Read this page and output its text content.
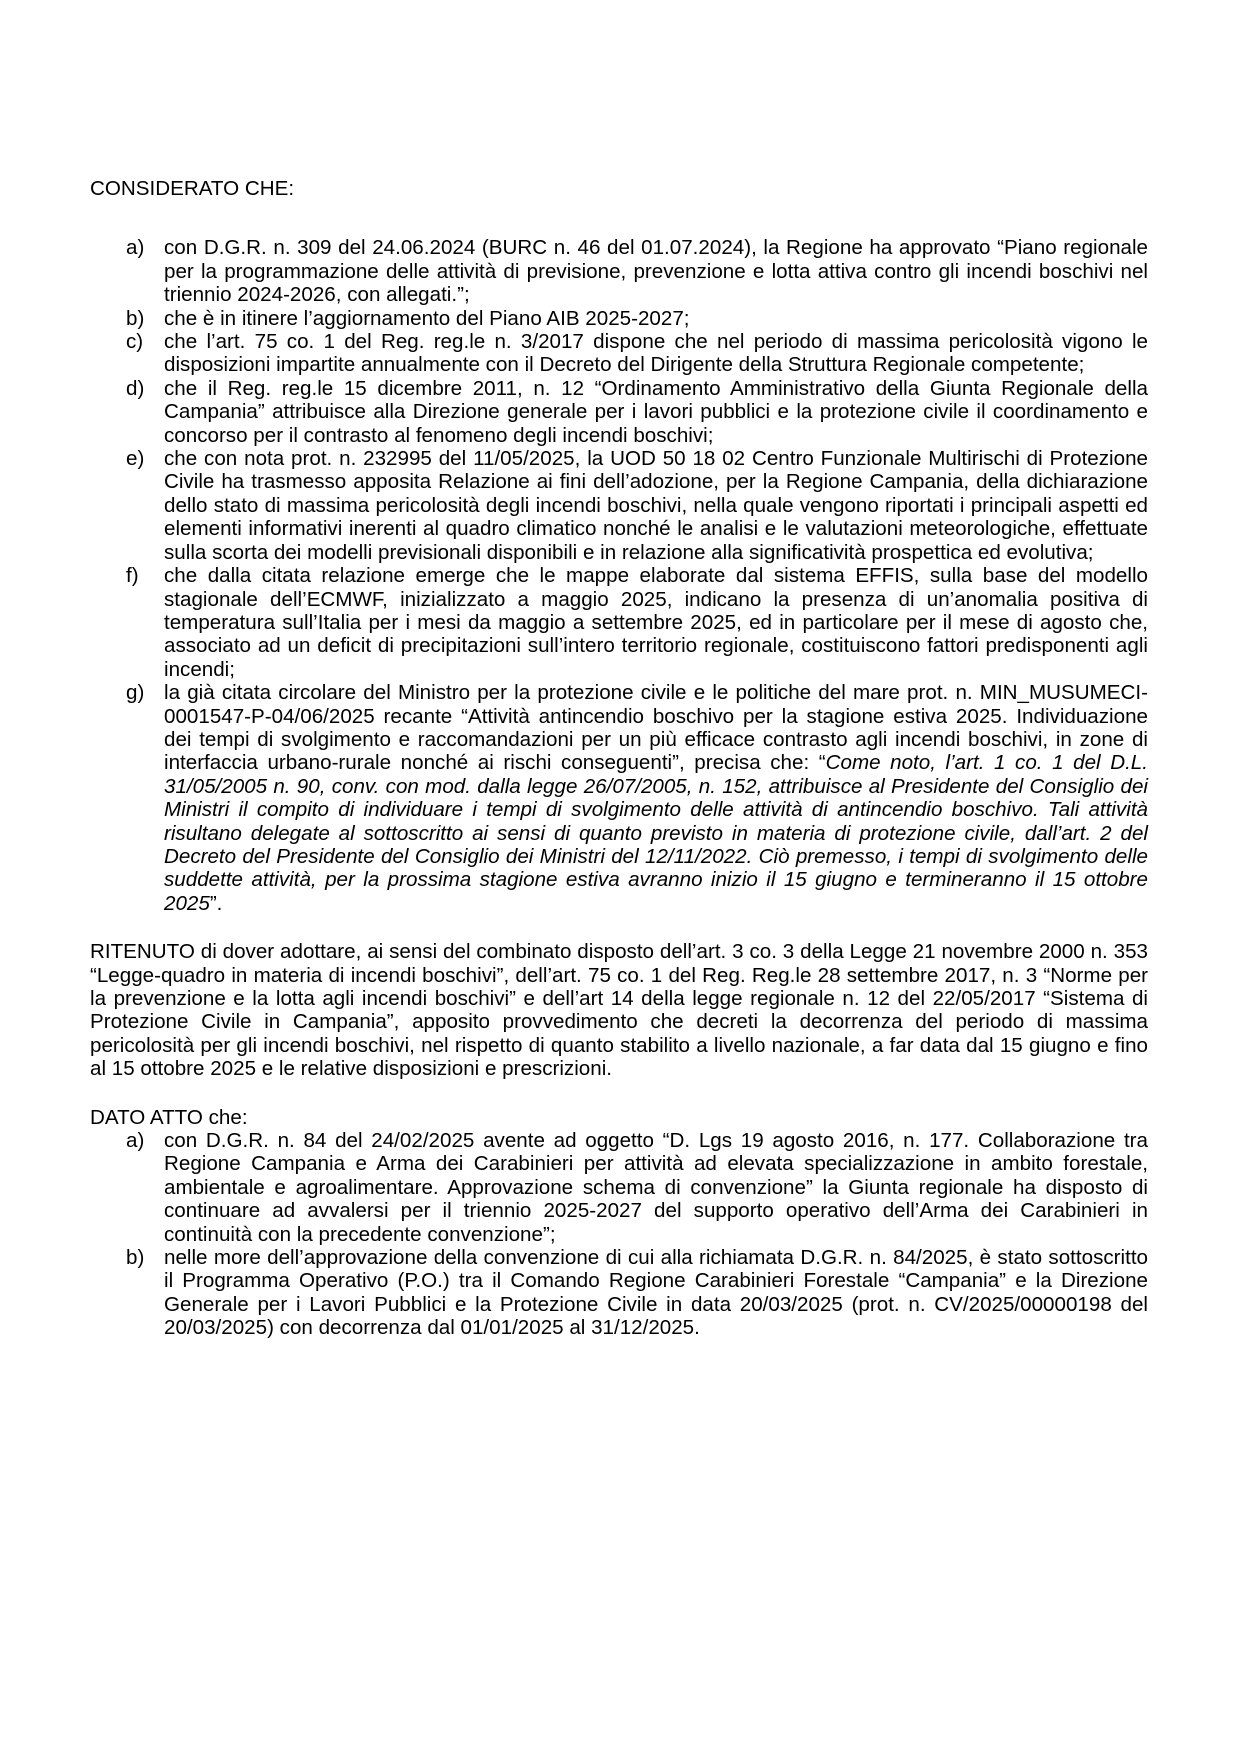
CONSIDERATO CHE:

a) con D.G.R. n. 309 del 24.06.2024 (BURC n. 46 del 01.07.2024), la Regione ha approvato “Piano regionale per la programmazione delle attività di previsione, prevenzione e lotta attiva contro gli incendi boschivi nel triennio 2024-2026, con allegati.”;
b) che è in itinere l’aggiornamento del Piano AIB 2025-2027;
c) che l’art. 75 co. 1 del Reg. reg.le n. 3/2017 dispone che nel periodo di massima pericolosità vigono le disposizioni impartite annualmente con il Decreto del Dirigente della Struttura Regionale competente;
d) che il Reg. reg.le 15 dicembre 2011, n. 12 “Ordinamento Amministrativo della Giunta Regionale della Campania” attribuisce alla Direzione generale per i lavori pubblici e la protezione civile il coordinamento e concorso per il contrasto al fenomeno degli incendi boschivi;
e) che con nota prot. n. 232995 del 11/05/2025, la UOD 50 18 02 Centro Funzionale Multirischi di Protezione Civile ha trasmesso apposita Relazione ai fini dell’adozione, per la Regione Campania, della dichiarazione dello stato di massima pericolosità degli incendi boschivi, nella quale vengono riportati i principali aspetti ed elementi informativi inerenti al quadro climatico nonché le analisi e le valutazioni meteorologiche, effettuate sulla scorta dei modelli previsionali disponibili e in relazione alla significatività prospettica ed evolutiva;
f) che dalla citata relazione emerge che le mappe elaborate dal sistema EFFIS, sulla base del modello stagionale dell’ECMWF, inizializzato a maggio 2025, indicano la presenza di un’anomalia positiva di temperatura sull’Italia per i mesi da maggio a settembre 2025, ed in particolare per il mese di agosto che, associato ad un deficit di precipitazioni sull’intero territorio regionale, costituiscono fattori predisponenti agli incendi;
g) la già citata circolare del Ministro per la protezione civile e le politiche del mare prot. n. MIN_MUSUMECI-0001547-P-04/06/2025 recante “Attività antincendio boschivo per la stagione estiva 2025. Individuazione dei tempi di svolgimento e raccomandazioni per un più efficace contrasto agli incendi boschivi, in zone di interfaccia urbano-rurale nonché ai rischi conseguenti”, precisa che: “Come noto, l’art. 1 co. 1 del D.L. 31/05/2005 n. 90, conv. con mod. dalla legge 26/07/2005, n. 152, attribuisce al Presidente del Consiglio dei Ministri il compito di individuare i tempi di svolgimento delle attività di antincendio boschivo. Tali attività risultano delegate al sottoscritto ai sensi di quanto previsto in materia di protezione civile, dall’art. 2 del Decreto del Presidente del Consiglio dei Ministri del 12/11/2022. Ciò premesso, i tempi di svolgimento delle suddette attività, per la prossima stagione estiva avranno inizio il 15 giugno e termineranno il 15 ottobre 2025”.

RITENUTO di dover adottare, ai sensi del combinato disposto dell’art. 3 co. 3 della Legge 21 novembre 2000 n. 353 “Legge-quadro in materia di incendi boschivi”, dell’art. 75 co. 1 del Reg. Reg.le 28 settembre 2017, n. 3 “Norme per la prevenzione e la lotta agli incendi boschivi” e dell’art 14 della legge regionale n. 12 del 22/05/2017 “Sistema di Protezione Civile in Campania”, apposito provvedimento che decreti la decorrenza del periodo di massima pericolosità per gli incendi boschivi, nel rispetto di quanto stabilito a livello nazionale, a far data dal 15 giugno e fino al 15 ottobre 2025 e le relative disposizioni e prescrizioni.

DATO ATTO che:

a) con D.G.R. n. 84 del 24/02/2025 avente ad oggetto “D. Lgs 19 agosto 2016, n. 177. Collaborazione tra Regione Campania e Arma dei Carabinieri per attività ad elevata specializzazione in ambito forestale, ambientale e agroalimentare. Approvazione schema di convenzione” la Giunta regionale ha disposto di continuare ad avvalersi per il triennio 2025-2027 del supporto operativo dell’Arma dei Carabinieri in continuità con la precedente convenzione”;
b) nelle more dell’approvazione della convenzione di cui alla richiamata D.G.R. n. 84/2025, è stato sottoscritto il Programma Operativo (P.O.) tra il Comando Regione Carabinieri Forestale “Campania” e la Direzione Generale per i Lavori Pubblici e la Protezione Civile in data 20/03/2025 (prot. n. CV/2025/00000198 del 20/03/2025) con decorrenza dal 01/01/2025 al 31/12/2025.
